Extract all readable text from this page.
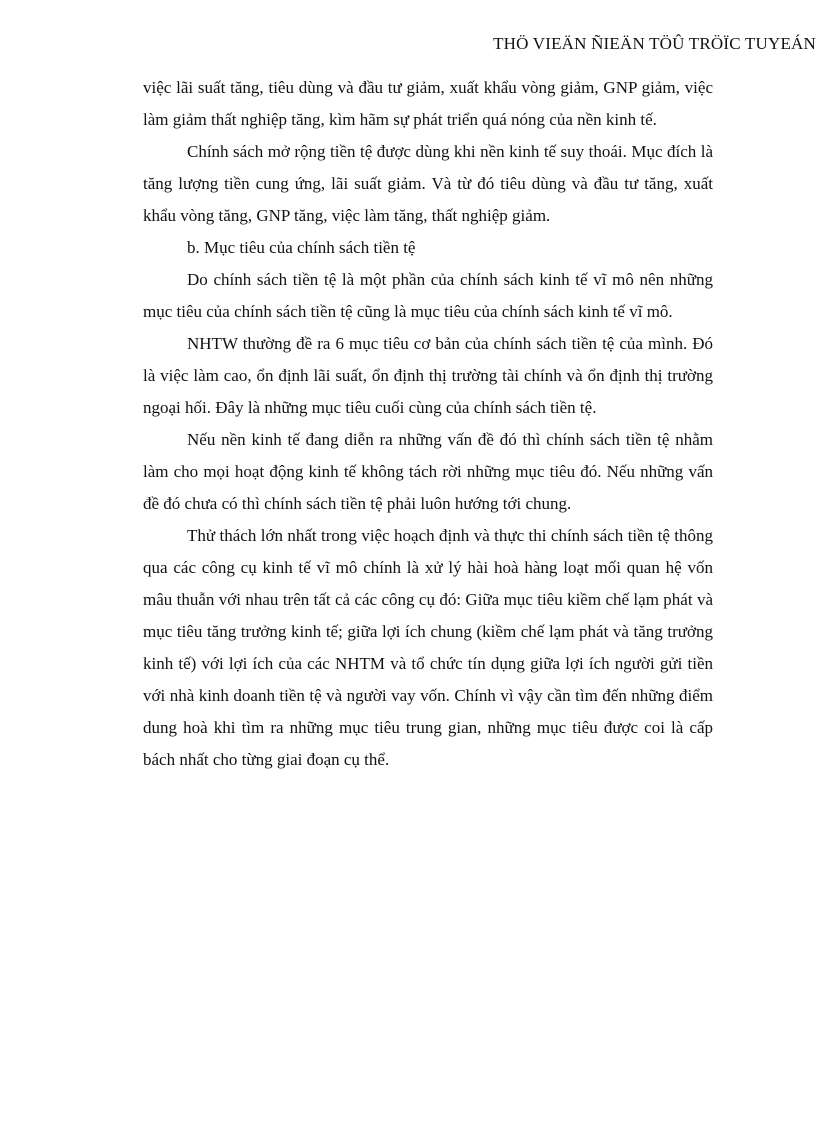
THÖ VIEÄN ÑIEÄN TÖÛ TRÖÏC TUYEÁN

việc lãi suất tăng, tiêu dùng và đầu tư giảm, xuất khẩu vòng giảm, GNP giảm, việc làm giảm thất nghiệp tăng, kìm hãm sự phát triển quá nóng của nền kinh tế.

Chính sách mở rộng tiền tệ được dùng khi nền kinh tế suy thoái. Mục đích là tăng lượng tiền cung ứng, lãi suất giảm. Và từ đó tiêu dùng và đầu tư tăng, xuất khẩu vòng tăng, GNP tăng, việc làm tăng, thất nghiệp giảm.

b. Mục tiêu của chính sách tiền tệ

Do chính sách tiền tệ là một phần của chính sách kinh tế vĩ mô nên những mục tiêu của chính sách tiền tệ cũng là mục tiêu của chính sách kinh tế vĩ mô.

NHTW thường đề ra 6 mục tiêu cơ bản của chính sách tiền tệ của mình. Đó là việc làm cao, ổn định lãi suất, ổn định thị trường tài chính và ổn định thị trường ngoại hối. Đây là những mục tiêu cuối cùng của chính sách tiền tệ.

Nếu nền kinh tế đang diễn ra những vấn đề đó thì chính sách tiền tệ nhằm làm cho mọi hoạt động kinh tế không tách rời những mục tiêu đó. Nếu những vấn đề đó chưa có thì chính sách tiền tệ phải luôn hướng tới chung.

Thử thách lớn nhất trong việc hoạch định và thực thi chính sách tiền tệ thông qua các công cụ kinh tế vĩ mô chính là xử lý hài hoà hàng loạt mối quan hệ vốn mâu thuẫn với nhau trên tất cả các công cụ đó: Giữa mục tiêu kiềm chế lạm phát và mục tiêu tăng trưởng kinh tế; giữa lợi ích chung (kiềm chế lạm phát và tăng trưởng kinh tế) với lợi ích của các NHTM và tổ chức tín dụng giữa lợi ích người gửi tiền với nhà kinh doanh tiền tệ và người vay vốn. Chính vì vậy cần tìm đến những điểm dung hoà khi tìm ra những mục tiêu trung gian, những mục tiêu được coi là cấp bách nhất cho từng giai đoạn cụ thể.
